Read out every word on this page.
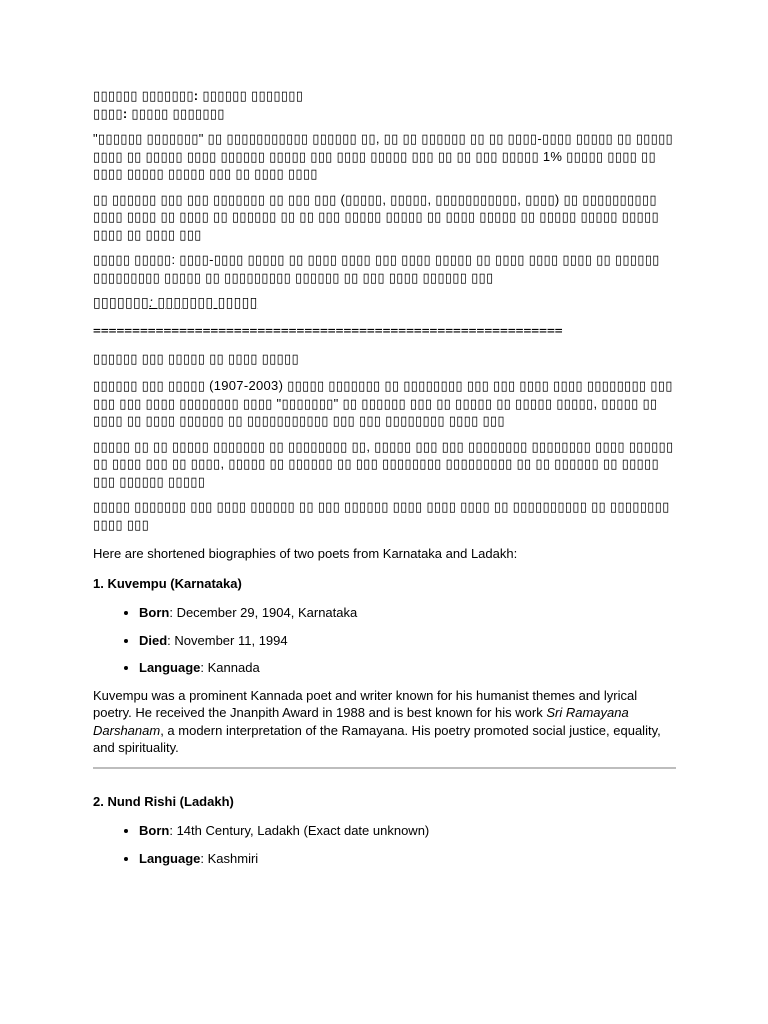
▯▯▯▯▯▯ ▯▯▯▯▯▯▯: ▯▯▯▯▯▯ ▯▯▯▯▯▯▯
▯▯▯▯: ▯▯▯▯▯ ▯▯▯▯▯▯▯

"▯▯▯▯▯▯ ▯▯▯▯▯▯▯" ▯▯ ▯▯▯▯▯▯▯▯▯▯▯ ▯▯▯▯▯▯ ▯▯, ▯▯ ▯▯ ▯▯▯▯▯▯ ▯▯ ▯▯ ▯▯▯▯-▯▯▯▯ ▯▯▯▯▯ ▯▯ ▯▯▯▯▯ ▯▯▯▯ ▯▯ ▯▯▯▯▯ ▯▯▯▯ ▯▯▯▯▯▯ ▯▯▯▯▯ ▯▯▯ ▯▯▯▯ ▯▯▯▯▯ ▯▯▯ ▯▯ ▯▯ ▯▯▯ ▯▯▯▯▯ 1% ▯▯▯▯▯ ▯▯▯▯ ▯▯ ▯▯▯▯ ▯▯▯▯▯ ▯▯▯▯▯ ▯▯▯ ▯▯ ▯▯▯▯ ▯▯▯▯

▯▯ ▯▯▯▯▯▯ ▯▯▯ ▯▯▯ ▯▯▯▯▯▯▯ ▯▯ ▯▯▯ ▯▯▯ (▯▯▯▯▯, ▯▯▯▯▯, ▯▯▯▯▯▯▯▯▯▯▯, ▯▯▯▯) ▯▯ ▯▯▯▯▯▯▯▯▯▯ ▯▯▯▯ ▯▯▯▯ ▯▯ ▯▯▯▯ ▯▯ ▯▯▯▯▯▯ ▯▯ ▯▯ ▯▯▯ ▯▯▯▯▯ ▯▯▯▯▯ ▯▯ ▯▯▯▯ ▯▯▯▯▯ ▯▯ ▯▯▯▯▯ ▯▯▯▯▯ ▯▯▯▯▯ ▯▯▯▯ ▯▯ ▯▯▯▯ ▯▯▯

▯▯▯▯▯ ▯▯▯▯▯: ▯▯▯▯-▯▯▯▯ ▯▯▯▯▯ ▯▯ ▯▯▯▯ ▯▯▯▯ ▯▯▯ ▯▯▯▯ ▯▯▯▯▯ ▯▯ ▯▯▯▯ ▯▯▯▯ ▯▯▯▯ ▯▯ ▯▯▯▯▯▯ ▯▯▯▯▯▯▯▯▯ ▯▯▯▯▯ ▯▯ ▯▯▯▯▯▯▯▯▯ ▯▯▯▯▯▯ ▯▯ ▯▯▯ ▯▯▯▯ ▯▯▯▯▯▯ ▯▯▯

▯▯▯▯▯▯▯: ▯▯▯▯▯▯▯ ▯▯▯▯▯
============================================================
▯▯▯▯▯▯ ▯▯▯ ▯▯▯▯▯ ▯▯ ▯▯▯▯ ▯▯▯▯▯

▯▯▯▯▯▯ ▯▯▯ ▯▯▯▯▯ (1907-2003) ▯▯▯▯▯ ▯▯▯▯▯▯▯ ▯▯ ▯▯▯▯▯▯▯▯ ▯▯▯ ▯▯▯ ▯▯▯▯ ▯▯▯▯ ▯▯▯▯▯▯▯▯ ▯▯▯ ▯▯▯ ▯▯▯ ▯▯▯▯ ▯▯▯▯▯▯▯▯ ▯▯▯▯ "▯▯▯▯▯▯▯" ▯▯ ▯▯▯▯▯▯ ▯▯▯ ▯▯ ▯▯▯▯▯ ▯▯ ▯▯▯▯▯ ▯▯▯▯▯, ▯▯▯▯▯ ▯▯ ▯▯▯▯ ▯▯ ▯▯▯▯ ▯▯▯▯▯▯ ▯▯ ▯▯▯▯▯▯▯▯▯▯▯ ▯▯▯ ▯▯▯ ▯▯▯▯▯▯▯▯ ▯▯▯▯ ▯▯▯

▯▯▯▯▯ ▯▯ ▯▯ ▯▯▯▯▯ ▯▯▯▯▯▯▯ ▯▯ ▯▯▯▯▯▯▯▯ ▯▯, ▯▯▯▯▯ ▯▯▯ ▯▯▯ ▯▯▯▯▯▯▯▯ ▯▯▯▯▯▯▯▯ ▯▯▯▯ ▯▯▯▯▯▯ ▯▯ ▯▯▯▯ ▯▯▯ ▯▯ ▯▯▯▯, ▯▯▯▯▯ ▯▯ ▯▯▯▯▯▯ ▯▯ ▯▯▯ ▯▯▯▯▯▯▯▯ ▯▯▯▯▯▯▯▯▯ ▯▯ ▯▯ ▯▯▯▯▯▯ ▯▯ ▯▯▯▯▯ ▯▯▯ ▯▯▯▯▯▯ ▯▯▯▯▯

▯▯▯▯▯ ▯▯▯▯▯▯▯ ▯▯▯ ▯▯▯▯ ▯▯▯▯▯▯ ▯▯ ▯▯▯ ▯▯▯▯▯▯ ▯▯▯▯ ▯▯▯▯ ▯▯▯▯ ▯▯ ▯▯▯▯▯▯▯▯▯▯ ▯▯ ▯▯▯▯▯▯▯▯ ▯▯▯▯ ▯▯▯

Here are shortened biographies of two poets from Karnataka and Ladakh:

1. Kuvempu (Karnataka)
• Born: December 29, 1904, Karnataka
• Died: November 11, 1994
• Language: Kannada

Kuvempu was a prominent Kannada poet and writer known for his humanist themes and lyrical poetry. He received the Jnanpith Award in 1988 and is best known for his work Sri Ramayana Darshanam, a modern interpretation of the Ramayana. His poetry promoted social justice, equality, and spirituality.

2. Nund Rishi (Ladakh)
• Born: 14th Century, Ladakh (Exact date unknown)
• Language: Kashmiri
